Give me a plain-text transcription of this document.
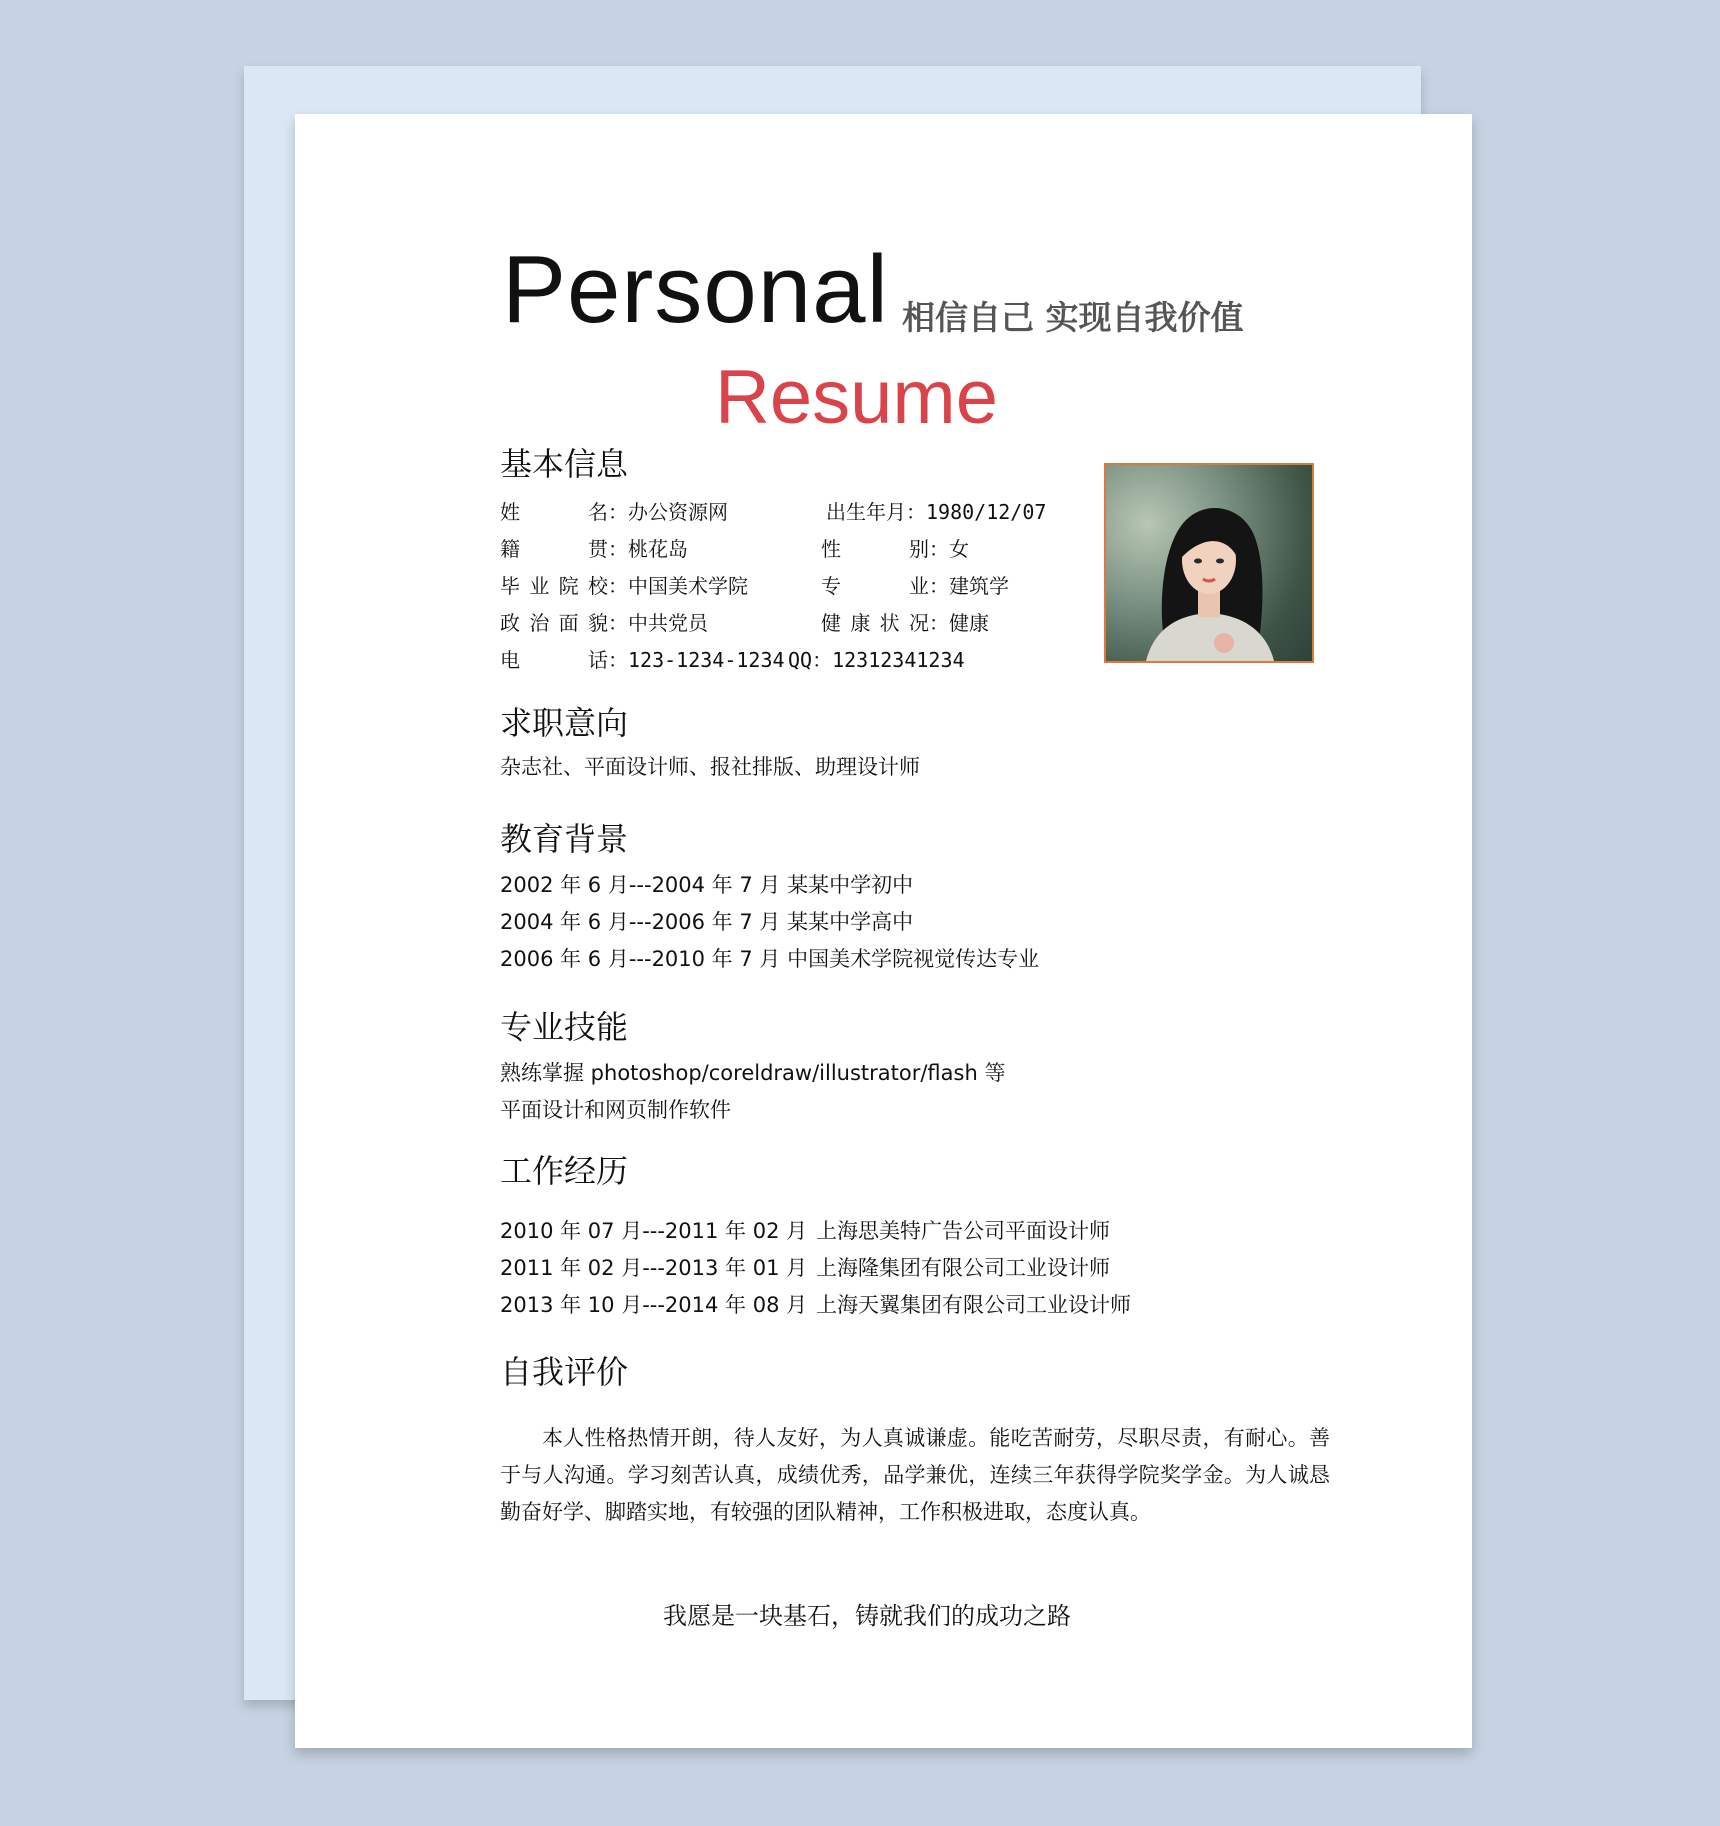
Personal 相信自己 实现自我价值
Resume
基本信息
姓名：办公资源网	出生年月：1980/12/07
籍贯：桃花岛	性别：女
毕业院校：中国美术学院	专业：建筑学
政治面貌：中共党员	健康状况：健康
电话：123-1234-1234 QQ：12312341234
求职意向
杂志社、平面设计师、报社排版、助理设计师
教育背景
2002 年 6 月---2004 年 7 月 某某中学初中
2004 年 6 月---2006 年 7 月 某某中学高中
2006 年 6 月---2010 年 7 月 中国美术学院视觉传达专业
专业技能
熟练掌握 photoshop/coreldraw/illustrator/flash 等
平面设计和网页制作软件
工作经历
2010 年 07 月---2011 年 02 月 上海思美特广告公司平面设计师
2011 年 02 月---2013 年 01 月 上海隆集团有限公司工业设计师
2013 年 10 月---2014 年 08 月 上海天翼集团有限公司工业设计师
自我评价
本人性格热情开朗，待人友好，为人真诚谦虚。能吃苦耐劳，尽职尽责，有耐心。善于与人沟通。学习刻苦认真，成绩优秀，品学兼优，连续三年获得学院奖学金。为人诚恳勤奋好学、脚踏实地，有较强的团队精神，工作积极进取，态度认真。
我愿是一块基石，铸就我们的成功之路
